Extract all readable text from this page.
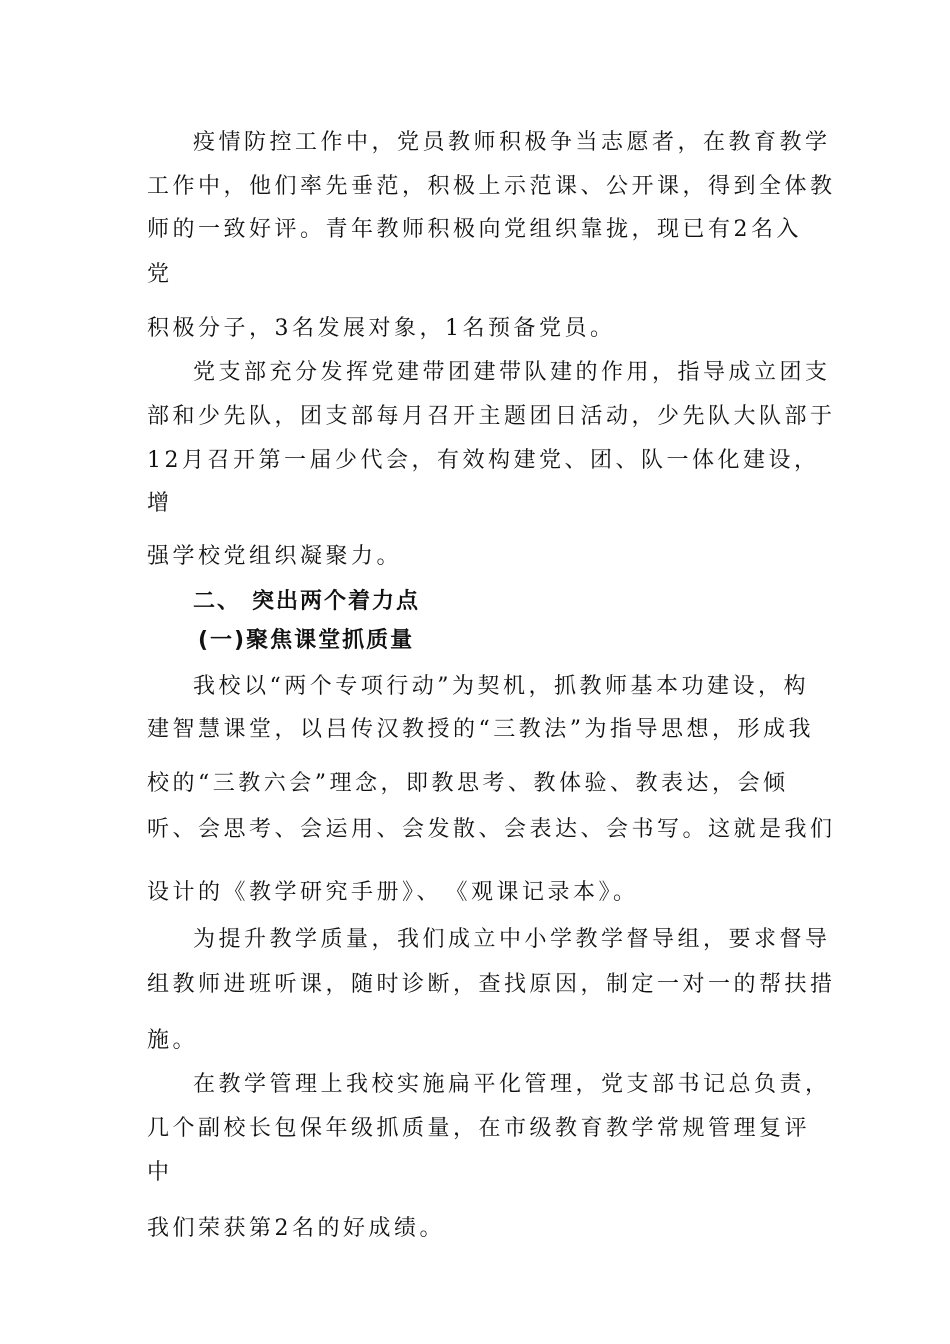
疫情防控工作中，党员教师积极争当志愿者，在教育教学
工作中，他们率先垂范，积极上示范课、公开课，得到全体教
师的一致好评。青年教师积极向党组织靠拢，现已有2名入
党
积极分子，3名发展对象，1名预备党员。
党支部充分发挥党建带团建带队建的作用，指导成立团支
部和少先队，团支部每月召开主题团日活动，少先队大队部于
12月召开第一届少代会，有效构建党、团、队一体化建设，
增
强学校党组织凝聚力。
二、 突出两个着力点
(一)聚焦课堂抓质量
我校以“两个专项行动”为契机，抓教师基本功建设，构
建智慧课堂，以吕传汉教授的“三教法”为指导思想，形成我
校的“三教六会”理念，即教思考、教体验、教表达，会倾
听、会思考、会运用、会发散、会表达、会书写。这就是我们
设计的《教学研究手册》、　《观课记录本》。
为提升教学质量，我们成立中小学教学督导组，要求督导
组教师进班听课，随时诊断，查找原因，制定一对一的帮扶措
施。
在教学管理上我校实施扁平化管理，党支部书记总负责，
几个副校长包保年级抓质量，在市级教育教学常规管理复评
中
我们荣获第2名的好成绩。
